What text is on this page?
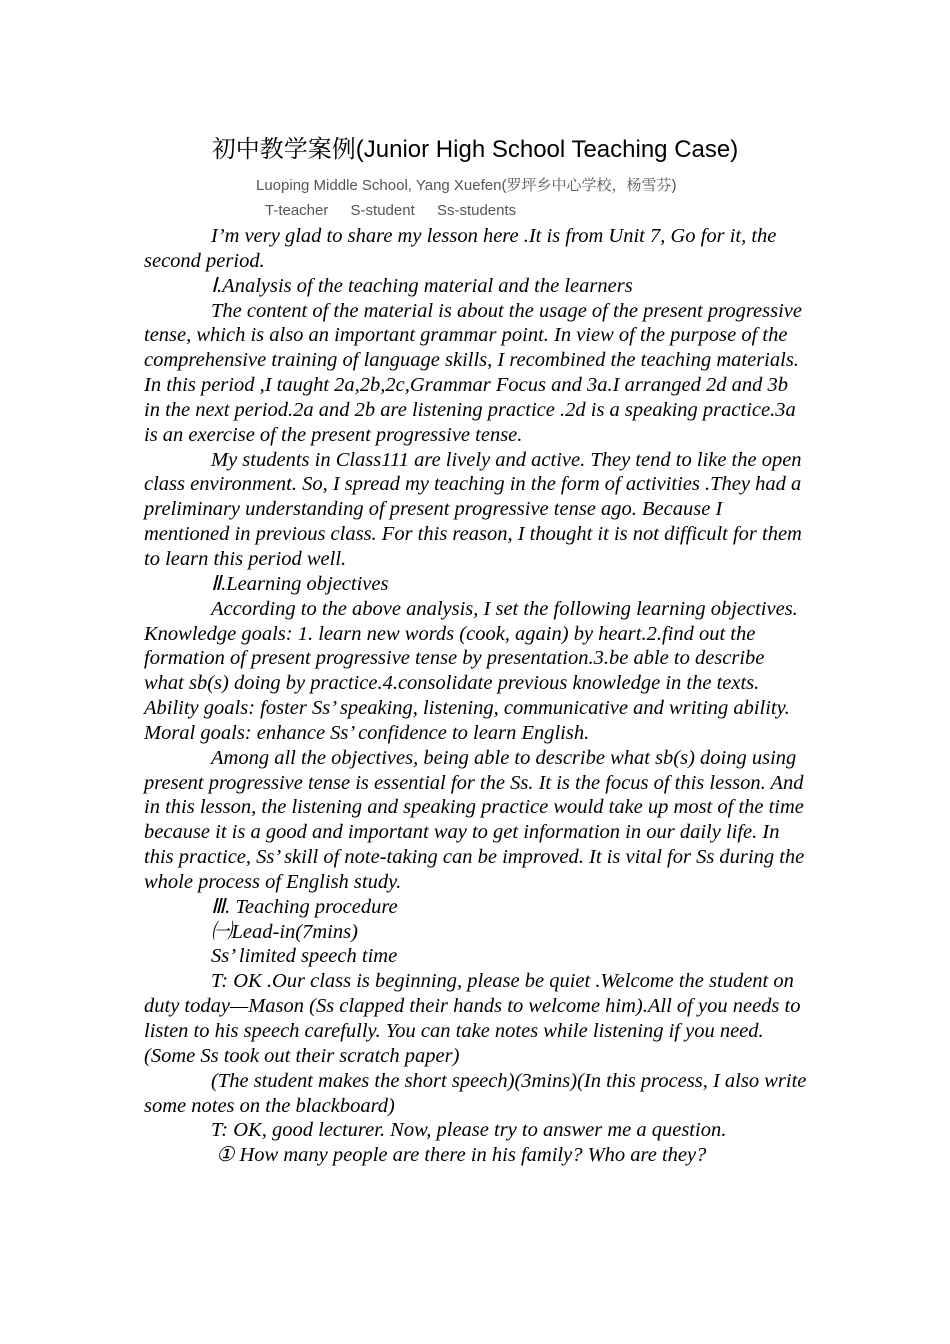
初中教学案例(Junior High School Teaching Case)
Luoping Middle School, Yang Xuefen(罗坪乡中心学校，杨雪芬)
T-teacher S-student Ss-students

I’m very glad to share my lesson here .It is from Unit 7, Go for it, the second period.

Ⅰ.Analysis of the teaching material and the learners

The content of the material is about the usage of the present progressive tense, which is also an important grammar point. In view of the purpose of the comprehensive training of language skills, I recombined the teaching materials. In this period ,I taught 2a,2b,2c,Grammar Focus and 3a.I arranged 2d and 3b in the next period.2a and 2b are listening practice .2d is a speaking practice.3a is an exercise of the present progressive tense.

My students in Class111 are lively and active. They tend to like the open class environment. So, I spread my teaching in the form of activities .They had a preliminary understanding of present progressive tense ago. Because I mentioned in previous class. For this reason, I thought it is not difficult for them to learn this period well.

Ⅱ.Learning objectives

According to the above analysis, I set the following learning objectives. Knowledge goals: 1. learn new words (cook, again) by heart.2.find out the formation of present progressive tense by presentation.3.be able to describe what sb(s) doing by practice.4.consolidate previous knowledge in the texts. Ability goals: foster Ss’ speaking, listening, communicative and writing ability. Moral goals: enhance Ss’ confidence to learn English.

Among all the objectives, being able to describe what sb(s) doing using present progressive tense is essential for the Ss. It is the focus of this lesson. And in this lesson, the listening and speaking practice would take up most of the time because it is a good and important way to get information in our daily life. In this practice, Ss’ skill of note-taking can be improved. It is vital for Ss during the whole process of English study.

Ⅲ. Teaching procedure

㈠Lead-in(7mins)

Ss’ limited speech time

T: OK .Our class is beginning, please be quiet .Welcome the student on duty today—Mason (Ss clapped their hands to welcome him).All of you needs to listen to his speech carefully. You can take notes while listening if you need. (Some Ss took out their scratch paper)

(The student makes the short speech)(3mins)(In this process, I also write some notes on the blackboard)

T: OK, good lecturer. Now, please try to answer me a question.

① How many people are there in his family? Who are they?
